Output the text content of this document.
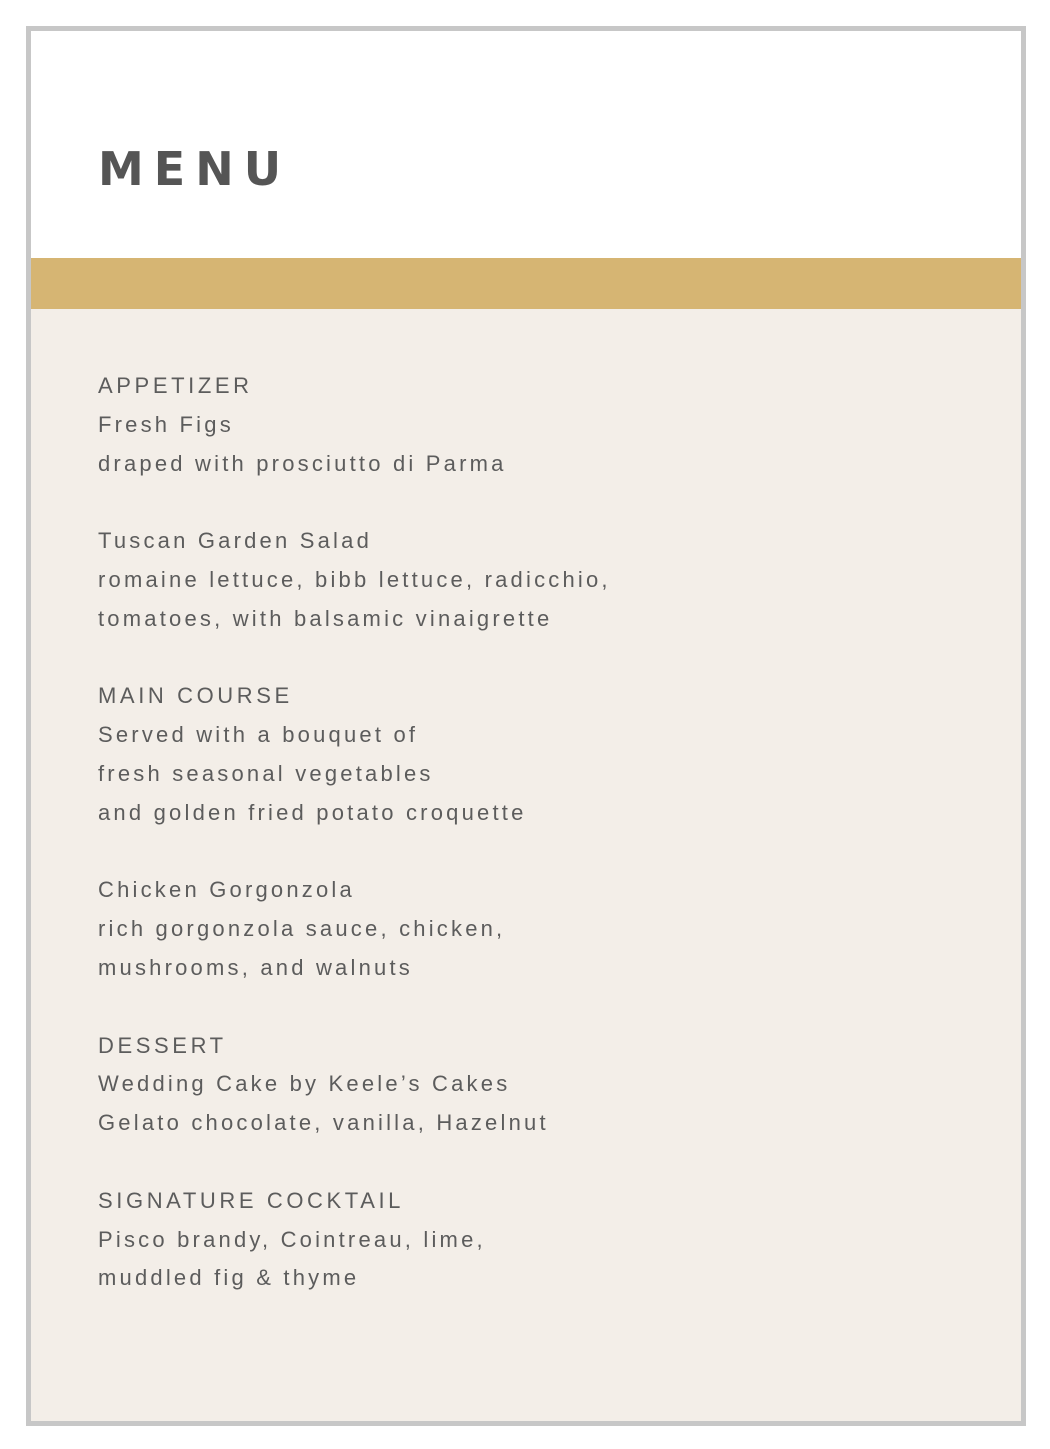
MENU
APPETIZER
Fresh Figs
draped with prosciutto di Parma
Tuscan Garden Salad
romaine lettuce, bibb lettuce, radicchio,
tomatoes, with balsamic vinaigrette
MAIN COURSE
Served with a bouquet of
fresh seasonal vegetables
and golden fried potato croquette
Chicken Gorgonzola
rich gorgonzola sauce, chicken,
mushrooms, and walnuts
DESSERT
Wedding Cake by Keele’s Cakes
Gelato chocolate, vanilla, Hazelnut
SIGNATURE COCKTAIL
Pisco brandy, Cointreau, lime,
muddled fig & thyme
